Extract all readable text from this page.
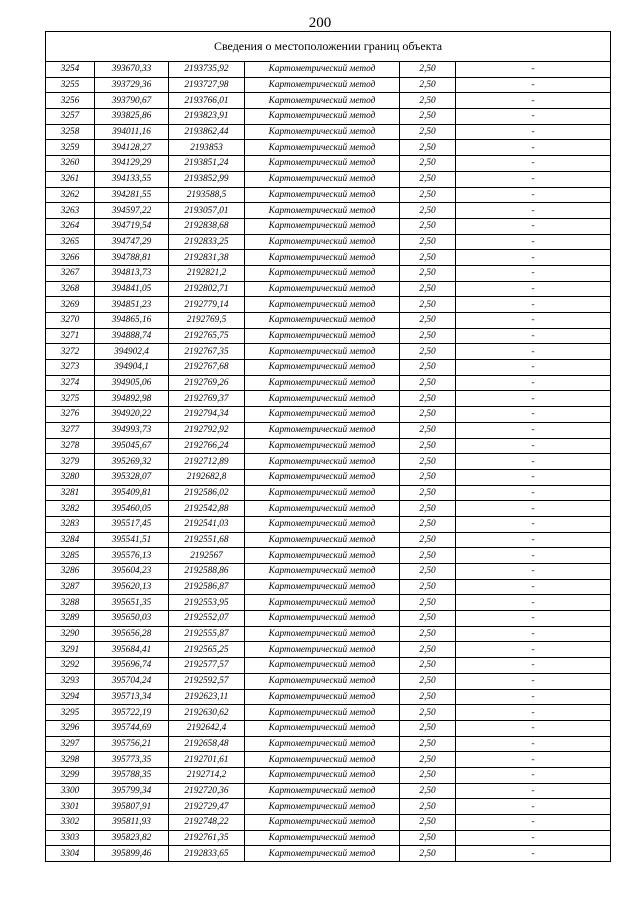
200
Сведения о местоположении границ объекта					
3254	393670,33	2193735,92	Картометрический метод	2,50	-
3255	393729,36	2193727,98	Картометрический метод	2,50	-
3256	393790,67	2193766,01	Картометрический метод	2,50	-
3257	393825,86	2193823,91	Картометрический метод	2,50	-
3258	394011,16	2193862,44	Картометрический метод	2,50	-
3259	394128,27	2193853	Картометрический метод	2,50	-
3260	394129,29	2193851,24	Картометрический метод	2,50	-
3261	394133,55	2193852,99	Картометрический метод	2,50	-
3262	394281,55	2193588,5	Картометрический метод	2,50	-
3263	394597,22	2193057,01	Картометрический метод	2,50	-
3264	394719,54	2192838,68	Картометрический метод	2,50	-
3265	394747,29	2192833,25	Картометрический метод	2,50	-
3266	394788,81	2192831,38	Картометрический метод	2,50	-
3267	394813,73	2192821,2	Картометрический метод	2,50	-
3268	394841,05	2192802,71	Картометрический метод	2,50	-
3269	394851,23	2192779,14	Картометрический метод	2,50	-
3270	394865,16	2192769,5	Картометрический метод	2,50	-
3271	394888,74	2192765,75	Картометрический метод	2,50	-
3272	394902,4	2192767,35	Картометрический метод	2,50	-
3273	394904,1	2192767,68	Картометрический метод	2,50	-
3274	394905,06	2192769,26	Картометрический метод	2,50	-
3275	394892,98	2192769,37	Картометрический метод	2,50	-
3276	394920,22	2192794,34	Картометрический метод	2,50	-
3277	394993,73	2192792,92	Картометрический метод	2,50	-
3278	395045,67	2192766,24	Картометрический метод	2,50	-
3279	395269,32	2192712,89	Картометрический метод	2,50	-
3280	395328,07	2192682,8	Картометрический метод	2,50	-
3281	395409,81	2192586,02	Картометрический метод	2,50	-
3282	395460,05	2192542,88	Картометрический метод	2,50	-
3283	395517,45	2192541,03	Картометрический метод	2,50	-
3284	395541,51	2192551,68	Картометрический метод	2,50	-
3285	395576,13	2192567	Картометрический метод	2,50	-
3286	395604,23	2192588,86	Картометрический метод	2,50	-
3287	395620,13	2192586,87	Картометрический метод	2,50	-
3288	395651,35	2192553,95	Картометрический метод	2,50	-
3289	395650,03	2192552,07	Картометрический метод	2,50	-
3290	395656,28	2192555,87	Картометрический метод	2,50	-
3291	395684,41	2192565,25	Картометрический метод	2,50	-
3292	395696,74	2192577,57	Картометрический метод	2,50	-
3293	395704,24	2192592,57	Картометрический метод	2,50	-
3294	395713,34	2192623,11	Картометрический метод	2,50	-
3295	395722,19	2192630,62	Картометрический метод	2,50	-
3296	395744,69	2192642,4	Картометрический метод	2,50	-
3297	395756,21	2192658,48	Картометрический метод	2,50	-
3298	395773,35	2192701,61	Картометрический метод	2,50	-
3299	395788,35	2192714,2	Картометрический метод	2,50	-
3300	395799,34	2192720,36	Картометрический метод	2,50	-
3301	395807,91	2192729,47	Картометрический метод	2,50	-
3302	395811,93	2192748,22	Картометрический метод	2,50	-
3303	395823,82	2192761,35	Картометрический метод	2,50	-
3304	395899,46	2192833,65	Картометрический метод	2,50	-
